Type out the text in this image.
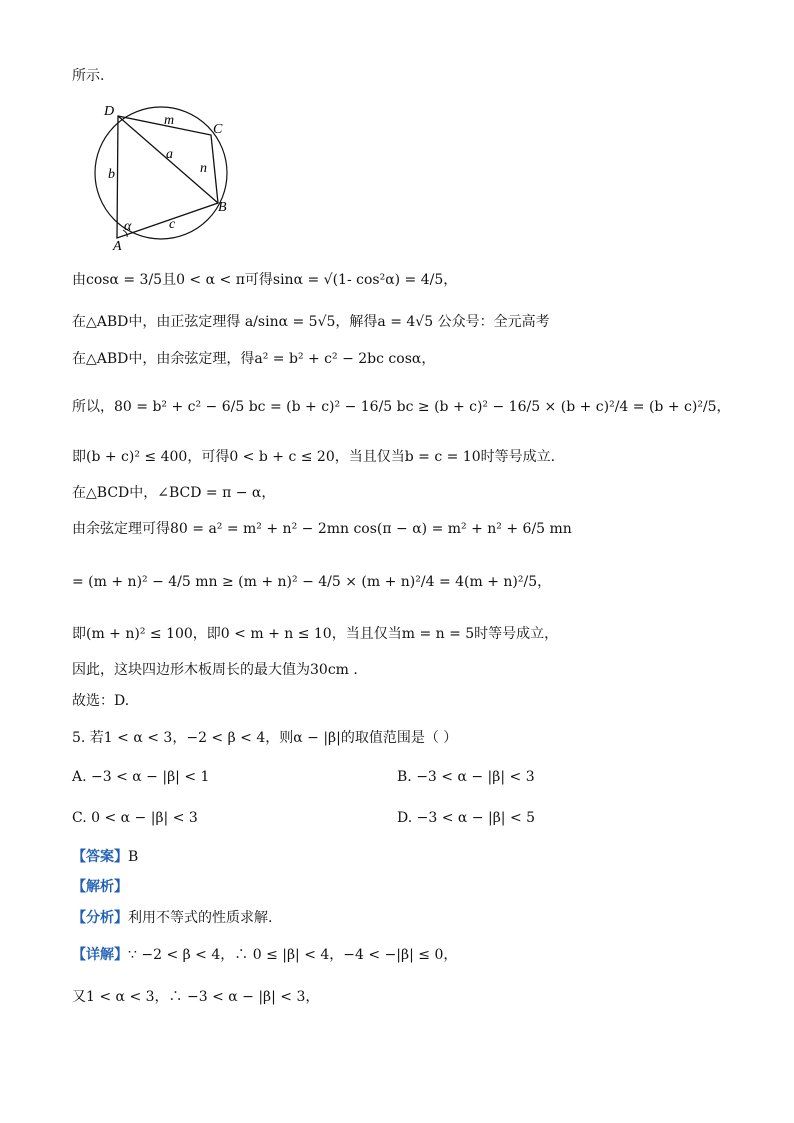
所示.
D
C
B
A
m
a
n
b
c
α
由cosα = 3/5且0 < α < π可得sinα = √(1- cos²α) = 4/5，
在△ABD中，由正弦定理得 a/sinα = 5√5，解得a = 4√5 公众号：全元高考
在△ABD中，由余弦定理，得a² = b² + c² − 2bc cosα，
所以，80 = b² + c² − 6/5 bc = (b + c)² − 16/5 bc ≥ (b + c)² − 16/5 × (b + c)²/4 = (b + c)²/5，
即(b + c)² ≤ 400，可得0 < b + c ≤ 20，当且仅当b = c = 10时等号成立.
在△BCD中，∠BCD = π − α，
由余弦定理可得80 = a² = m² + n² − 2mn cos(π − α) = m² + n² + 6/5 mn
= (m + n)² − 4/5 mn ≥ (m + n)² − 4/5 × (m + n)²/4 = 4(m + n)²/5，
即(m + n)² ≤ 100，即0 < m + n ≤ 10，当且仅当m = n = 5时等号成立，
因此，这块四边形木板周长的最大值为30cm .
故选：D.
5. 若1 < α < 3，−2 < β < 4，则α − |β|的取值范围是（ ）
A. −3 < α − |β| < 1	B. −3 < α − |β| < 3
C. 0 < α − |β| < 3	D. −3 < α − |β| < 5
【答案】B
【解析】
【分析】利用不等式的性质求解.
【详解】∵ −2 < β < 4，∴ 0 ≤ |β| < 4，−4 < −|β| ≤ 0，
又1 < α < 3，∴ −3 < α − |β| < 3，
